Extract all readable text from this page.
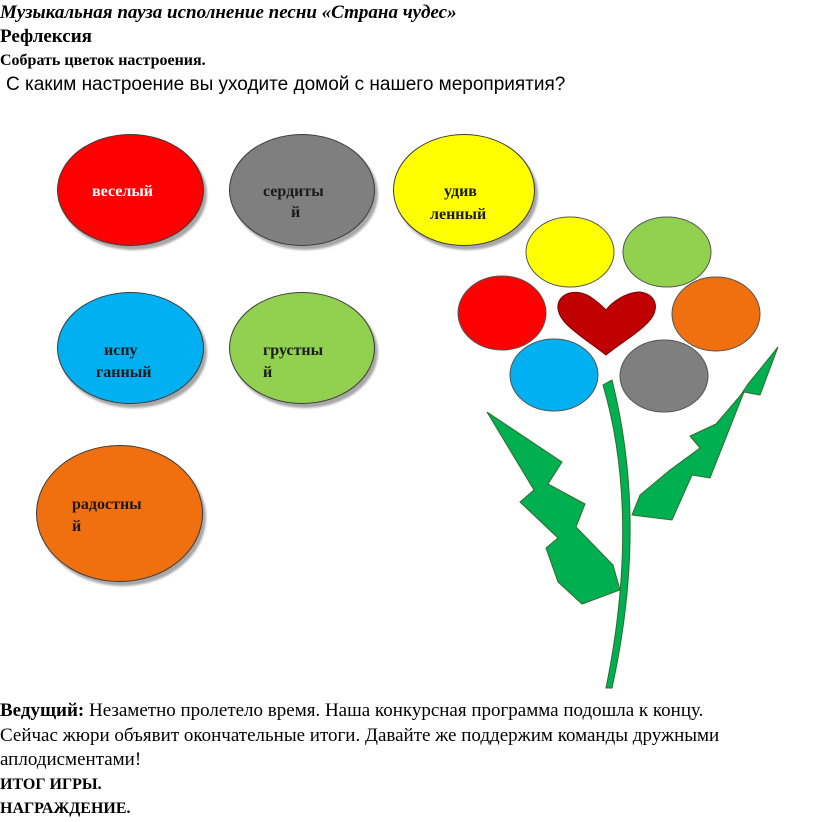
Музыкальная пауза исполнение песни «Страна чудес»
Рефлексия
Собрать цветок настроения.
С каким настроение вы уходите домой с нашего мероприятия?
веселый	сердиты
й
удив
ленный
испу
ганный
грустны
й
радостны
й
Ведущий: Незаметно пролетело время. Наша конкурсная программа подошла к концу. Сейчас жюри объявит окончательные итоги. Давайте же поддержим команды дружными аплодисментами!
ИТОГ ИГРЫ.
НАГРАЖДЕНИЕ.
